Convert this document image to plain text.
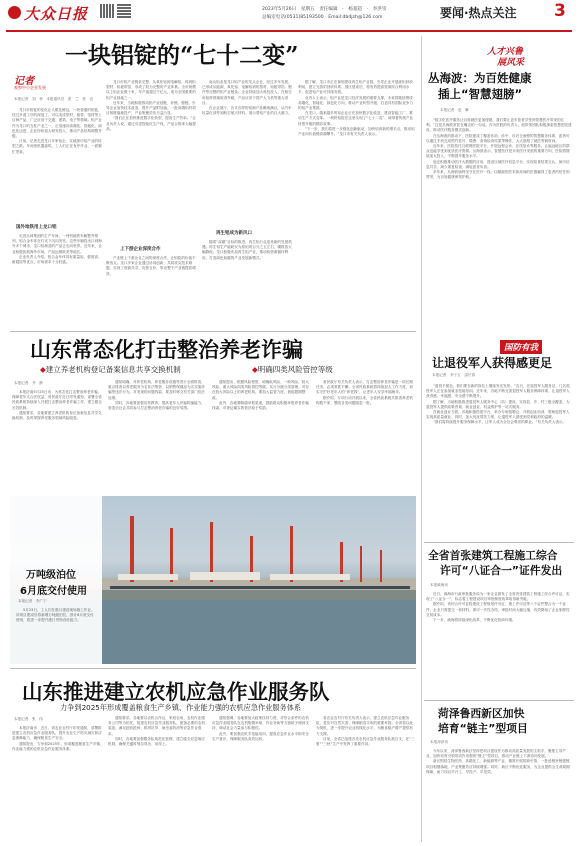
大众日报	2023年5月26日　星期五　责任编辑　·　杨超超　·　李洪崇
总编室电话(0531)85193500　Email:dbdjzh@126.com	要闻·热点关注 3
一块铝锭的“七十二变”
记者
观察中小企业发展
本报记者　刘　菲　本报通讯员　张　兰　张　良

龙口市铝锭的变化让人眼花缭乱，一块普通的铝锭，经过多道工序的深加工，可以变成型材、板带、箔材等上百种产品，广泛应用于交通、建筑、电子等领域。铝产业作为龙口的支柱产业之一，正加速向高端化、智能化、绿色化迈进，企业纷纷加大研发投入，推动产品结构调整升级。

日前，记者走进龙口多家铝企，实地探访铝产业的转型之路。车间里机器轰鸣，工人们正在有序作业，一派繁忙景象。

国外地铁用上龙口铝

走进丛林集团的生产车间，一列列地铁车厢整齐排列，铝合金车体在灯光下闪闪发亮。这些车厢将出口到海外多个城市，龙口铝制造的产品正走向世界。近年来，企业积极拓展海外市场，产品远销欧美等地区。

企业负责人介绍，铝合金车体具有重量轻、强度高、耐腐蚀等优点，市场需求十分旺盛。

龙口市铝产业链条完整，从氧化铝到电解铝，再到铝型材、铝板带箔，形成了较为完整的产业体系。全市规模以上铝企业数十家，年产值超过千亿元，成为全国重要的铝产业基地之一。

近年来，当地积极推动铝产业延链、补链、强链，引导企业加快技术改造，提升产品附加值。一批高端铝材项目相继落地投产，产业集聚效应日益凸显。

“我们正在加快推进数字化转型，提高生产效率。”企业负责人说，通过引进智能化生产线，产品合格率大幅提高。

上下游企业深度合作

产业链上下游企业之间的深度合作，让铝锭的价值不断放大。龙口多家企业通过协同创新，共同攻克技术难题，实现了资源共享、优势互补，带动整个产业链提质增效。

南山铝业是龙口铝产业的龙头企业，经过多年发展，已形成从能源、氧化铝、电解铝到铝型材、铝板带箔、锻件等完整的铝产业链条。企业持续加大科技投入，在航空用铝材领域取得突破，产品应用于国产大飞机等重大项目。

在企业展厅，各式各样的铝制产品琳琅满目，从汽车轻量化部件到航空航天材料，展示着铝产业的巨大潜力。

再生铝成为新风口

随着“双碳”目标的推进，再生铝行业迎来新的发展机遇。再生铝生产能耗仅为原铝的百分之五左右，碳排放大幅降低。龙口积极布局再生铝产业，推动铝资源循环利用，打造绿色低碳的产业发展新模式。

据了解，龙口市正在谋划建设再生铝产业园，引导企业开展废铝回收利用，建立完善的回收体系。园区建成后，将有效提高资源综合利用水平，促进铝产业可持续发展。

业内人士表示，铝产业是龙口经济发展的重要支撑，未来将继续围绕高端化、智能化、绿色化方向，推动产业转型升级，打造具有国际竞争力的铝产业集群。

在龙口，越来越多的铝企业正在加快数字化改造，建设智能工厂，推动生产方式变革。一块块铝锭在这里实现了“七十二变”，演绎着传统产业转型升级的精彩故事。

“下一步，我们将进一步强化创新驱动，加快培育新的增长点，推动铝产业向价值链高端攀升。”龙口市有关负责人表示。

人才兴鲁
展风采
丛海波：为百姓健康
插上“智慧翅膀”
本报记者　赵　琳

“数字化医疗服务让百姓就医更加便捷，我们要让更多患者享受到智慧医疗带来的红利。”这是丛海波常挂在嘴边的一句话。作为医院的负责人，他带领团队积极探索智慧医院建设，推动医疗服务模式创新。

在丛海波的推动下，医院建成了覆盖诊前、诊中、诊后全流程的智慧服务体系，患者可以通过手机完成预约挂号、缴费、查询检查结果等操作，大大缩短了就医等候时间。

近年来，医院依托互联网医院平台，开展远程会诊、在线复诊等服务，让偏远地区的群众也能享受到优质医疗资源。丛海波表示，智慧医疗是未来医疗发展的重要方向，医院将继续加大投入，不断提升服务水平。

他还积极推动医疗大数据的应用，建设区域医疗信息平台，实现检查结果互认、病历信息共享，减少重复检查，减轻患者负担。

多年来，丛海波始终坚守在医疗一线，以精湛的医术和高尚的医德赢得了患者的信任和赞誉，为百姓健康保驾护航。

山东常态化打击整治养老诈骗
◆建立养老机构登记备案信息共享交换机制	◆明确四类风险管控等级
本报记者　齐　静

本报济南5月25日讯　为常态化打击整治养老诈骗，保障老年人合法权益，省民政厅近日印发通知，部署全省民政系统持续深入开展打击整治养老诈骗工作，建立健全长效机制。

通知要求，各地要建立养老机构登记备案信息共享交换机制，及时掌握养老服务领域风险隐患。

通知明确，对养老机构、养老服务设施等进行全面排查，重点排查以养老服务为名非法集资、以销售保健品为名实施诈骗等违法行为。对发现的问题线索，要及时移交有关部门依法处理。

同时，各地要加强宣传教育，提高老年人识骗防骗能力，营造全社会共同参与打击整治养老诈骗的良好氛围。

通知提出，根据风险程度，明确低风险、一般风险、较大风险、重大风险四类风险管控等级，实行分级分类管理。对存在较大风险以上的养老机构，要加大监管力度，督促限期整改。

此外，各地要畅通举报渠道，鼓励群众积极举报养老诈骗线索，对查证属实的依法给予奖励。

省民政厅有关负责人表示，打击整治养老诈骗是一项长期任务，必须常抓不懈。全省民政系统将持续加大工作力度，切实守护好老年人的“养老钱”，让老年人安享幸福晚年。

据介绍，专项行动开展以来，全省民政系统共排查养老机构数千家，整改各类问题隐患一批。

国防有我
让退役军人获得感更足
本报记者　李子玉　邵长春

“退役不褪色，我们要在新的岗位上继续发光发热。”近日，在退役军人服务站，几名退役军人正在参加就业技能培训。近年来，各地不断完善退役军人服务保障体系，让退役军人获得感、幸福感、安全感不断提升。

据了解，当地积极推进退役军人服务中心（站）建设，实现县、乡、村三级全覆盖，为退役军人提供政策咨询、就业创业、权益维护等一站式服务。

在就业创业方面，各地积极搭建平台，举办专场招聘会，开展创业培训，帮助退役军人实现高质量就业。同时，加大优抚帮扶力度，让退役军人感受到党和政府的温暖。

“我们将持续提升服务保障水平，让军人成为全社会尊崇的职业。”有关负责人表示。

万吨级泊位
6月底交付使用
本报记者　李广宁

5月23日，工人们在港口建设现场施工作业。该项目建成后将新增万吨级泊位，预计6月底交付使用，将进一步提升港口货物吞吐能力。

全省首张建筑工程施工综合
许可“八证合一”证件发出
本报威海讯

近日，威海市行政审批服务局为一家企业颁发了全省首张建筑工程施工综合许可证，实现了“八证合一”，标志着工程建设项目审批制度改革取得新突破。

据介绍，该综合许可证将建设工程规划许可证、施工许可证等八个证件整合为一个证件，企业只需提交一套材料，即可一次性办结，审批时间大幅压缩，有效降低了企业制度性交易成本。

下一步，威海将持续深化改革，不断优化营商环境。

菏泽鲁西新区加快
培育“链主”型项目
本报菏泽讯

今年以来，菏泽鲁西新区坚持把项目建设作为推动高质量发展的主抓手，聚焦主导产业，加快培育引领带动作用强的“链主”型项目，推动产业链上下游协同发展。

新区围绕生物医药、高端化工、新能源等产业，精准开展招商引资，一批延链补链强链项目相继落地，产业集聚效应持续增强。同时，新区不断优化服务，为企业提供全生命周期保障，助力项目早开工、早投产、早见效。

山东推进建立农机应急作业服务队
力争到2025年形成覆盖粮食生产乡镇、作业能力强的农机应急作业服务体系
本报记者　张　伟

本报济南讯　近日，省农业农村厅印发通知，部署推进建立农机应急作业服务队，提升农业生产防灾减灾和应急保障能力，确保粮食生产安全。

通知提出，力争到2025年，形成覆盖粮食生产乡镇、作业能力强的农机应急作业服务体系。

通知要求，各地要以农机合作社、家庭农场、农机作业服务公司等为依托，组建农机应急作业服务队，配备必要的农机装备，满足抢收抢种、排涝抗旱、病虫害防治等应急作业需求。

同时，各地要加强服务队规范化管理，建立健全应急响应机制，确保关键时刻拉得出、用得上。

通知强调，各地要加大政策扶持力度，对符合条件的农机应急作业服务队在农机购置补贴、作业补助等方面给予倾斜支持，调动社会力量参与积极性。

此外，要加强农机手技能培训，提高应急作业水平和安全生产意识，保障服务队高效运转。

省农业农村厅有关负责人表示，建立农机应急作业服务队，是应对自然灾害、保障粮食丰收的重要举措。全省将以此为契机，进一步提升农业机械化水平，为粮食稳产增产提供有力支撑。

目前，全省已组建各类农机应急作业服务队数百支，在“三夏”“三秋”生产中发挥了重要作用。
